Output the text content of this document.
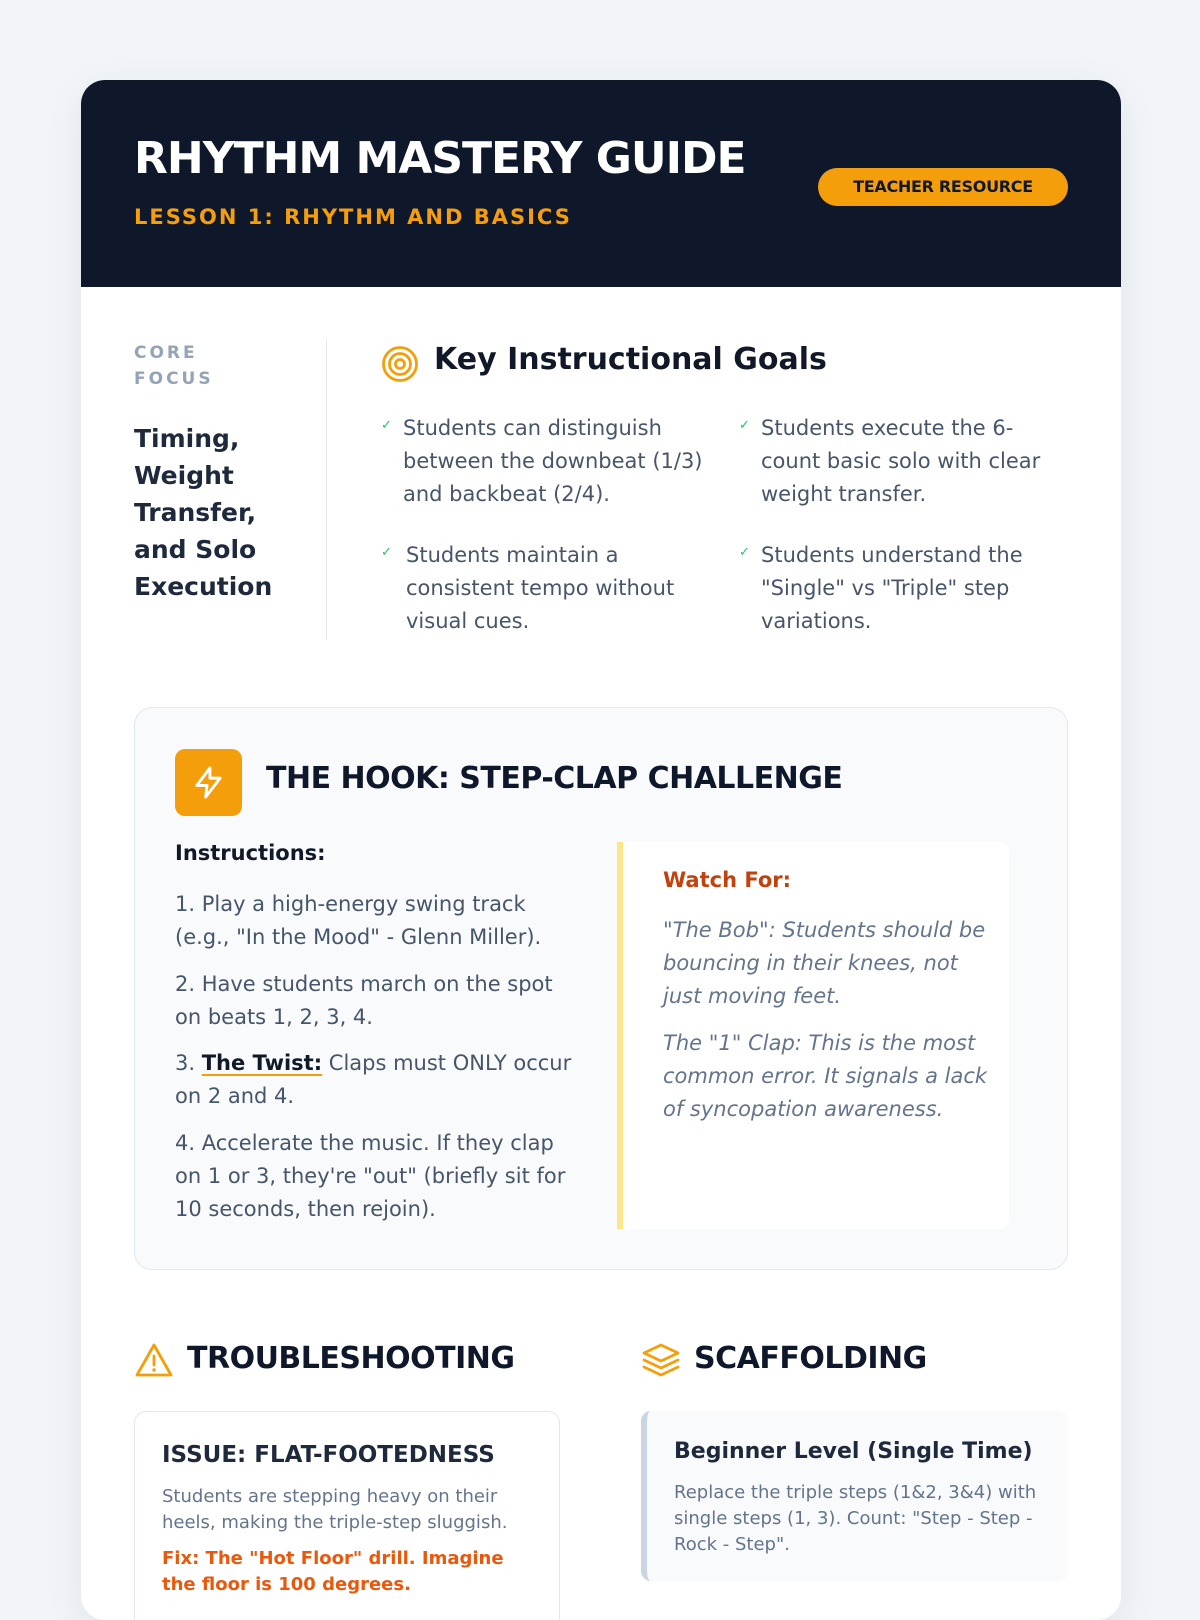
RHYTHM MASTERY GUIDE
LESSON 1: RHYTHM AND BASICS
TEACHER RESOURCE
CORE FOCUS
Timing, Weight Transfer, and Solo Execution
Key Instructional Goals
✓ Students can distinguish between the downbeat (1/3) and backbeat (2/4).
✓ Students execute the 6-count basic solo with clear weight transfer.
✓ Students maintain a consistent tempo without visual cues.
✓ Students understand the "Single" vs "Triple" step variations.
THE HOOK: STEP-CLAP CHALLENGE
Instructions:
1. Play a high-energy swing track (e.g., "In the Mood" - Glenn Miller).
2. Have students march on the spot on beats 1, 2, 3, 4.
3. The Twist: Claps must ONLY occur on 2 and 4.
4. Accelerate the music. If they clap on 1 or 3, they're "out" (briefly sit for 10 seconds, then rejoin).
Watch For:
"The Bob": Students should be bouncing in their knees, not just moving feet.
The "1" Clap: This is the most common error. It signals a lack of syncopation awareness.
TROUBLESHOOTING	SCAFFOLDING
ISSUE: FLAT-FOOTEDNESS
Students are stepping heavy on their heels, making the triple-step sluggish.
Fix: The "Hot Floor" drill. Imagine the floor is 100 degrees.
Beginner Level (Single Time)
Replace the triple steps (1&2, 3&4) with single steps (1, 3). Count: "Step - Step - Rock - Step".
